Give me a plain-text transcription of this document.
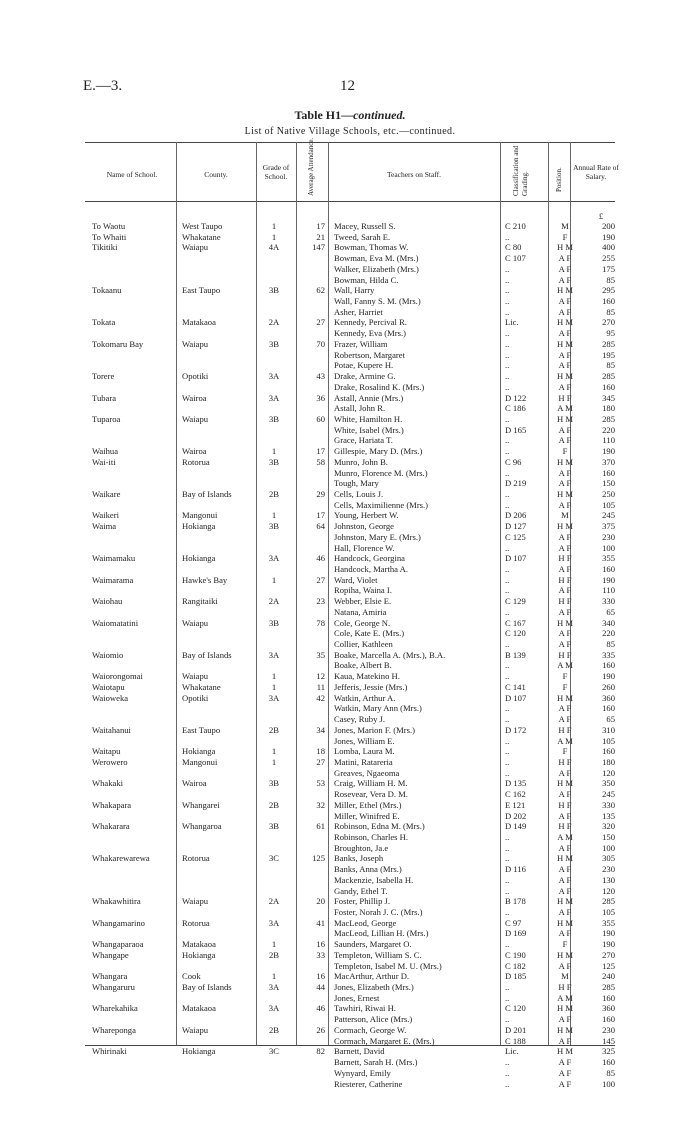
E.—3.	12
Table H1—continued.
List of Native Village Schools, etc.—continued.
Name of School.	County.
Grade of School.	Average Attendance.	Teachers on Staff.	Classification and Grading.	Position. Annual Rate of Salary.
£
To Waotu	West Taupo	1	17 Macey, Russell S.	C 210	M	200
To Whaiti	Whakatane	1	21 Tweed, Sarah E.	..	F	190
Tikitiki	Waiapu	4A	147 Bowman, Thomas W.	C 80	H M	400
Bowman, Eva M. (Mrs.)	C 107	A F	255
Walker, Elizabeth (Mrs.)	..	A F	175
Bowman, Hilda C.	..	A F	85
Tokaanu	East Taupo	3B	62 Wall, Harry	..	H M	295
Wall, Fanny S. M. (Mrs.)	..	A F	160
Asher, Harriet	..	A F	85
Tokata	Matakaoa	2A	27 Kennedy, Percival R.	Lic.	H M	270
Kennedy, Eva (Mrs.)	..	A F	95
Tokomaru Bay	Waiapu	3B	70 Frazer, William	..	H M	285
Robertson, Margaret	..	A F	195
Potae, Kupere H.	..	A F	85
Torere	Opotiki	3A	43 Drake, Armine G.	..	H M	285
Drake, Rosalind K. (Mrs.)	..	A F	160
Tubara	Wairoa	3A	36 Astall, Annie (Mrs.)	D 122	H F	345
Astall, John R.	C 186	A M	180
Tuparoa	Waiapu	3B	60 White, Hamilton H.	..	H M	285
White, Isabel (Mrs.)	D 165	A F	220
Grace, Hariata T.	..	A F	110
Waihua	Wairoa	1	17 Gillespie, Mary D. (Mrs.)	..	F	190
Wai-iti	Rotorua	3B	58 Munro, John B.	C 96	H M	370
Munro, Florence M. (Mrs.)	..	A F	160
Tough, Mary	D 219	A F	150
Waikare	Bay of Islands	2B	29 Cells, Louis J.	..	H M	250
Cells, Maximilienne (Mrs.)	..	A F	105
Waikeri	Mangonui	1	17 Young, Herbert W.	D 206	M	245
Waima	Hokianga	3B	64 Johnston, George	D 127	H M	375
Johnston, Mary E. (Mrs.)	C 125	A F	230
Hall, Florence W.	..	A F	100
Waimamaku	Hokianga	3A	46 Handcock, Georgina	D 107	H F	355
Handcock, Martha A.	..	A F	160
Waimarama	Hawke's Bay	1	27 Ward, Violet	..	H F	190
Ropiha, Waina I.	..	A F	110
Waiohau	Rangitaiki	2A	23 Webber, Elsie E.	C 129	H F	330
Natana, Amiria	..	A F	65
Waiomatatini	Waiapu	3B	78 Cole, George N.	C 167	H M	340
Cole, Kate E. (Mrs.)	C 120	A F	220
Collier, Kathleen	..	A F	85
Waiomio	Bay of Islands	3A	35 Boake, Marcella A. (Mrs.), B.A.	B 139	H F	335
Boake, Albert B.	..	A M	160
Waiorongomai	Waiapu	1	12 Kaua, Matekino H.	..	F	190
Waiotapu	Whakatane	1	11 Jefferis, Jessie (Mrs.)	C 141	F	260
Waioweka	Opotiki	3A	42 Watkin, Arthur A.	D 107	H M	360
Watkin, Mary Ann (Mrs.)	..	A F	160
Casey, Ruby J.	..	A F	65
Waitahanui	East Taupo	2B	34 Jones, Marion F. (Mrs.)	D 172	H F	310
Jones, William E.	..	A M	105
Waitapu	Hokianga	1	18 Lomba, Laura M.	..	F	160
Werowero	Mangonui	1	27 Matini, Ratareria	..	H F	180
Greaves, Ngaeoma	..	A F	120
Whakaki	Wairoa	3B	53 Craig, William H. M.	D 135	H M	350
Rosevear, Vera D. M.	C 162	A F	245
Whakapara	Whangarei	2B	32 Miller, Ethel (Mrs.)	E 121	H F	330
Miller, Winifred E.	D 202	A F	135
Whakarara	Whangaroa	3B	61 Robinson, Edna M. (Mrs.)	D 149	H F	320
Robinson, Charles H.	..	A M	150
Broughton, Ja.e	..	A F	100
Whakarewarewa	Rotorua	3C	125 Banks, Joseph	..	H M	305
Banks, Anna (Mrs.)	D 116	A F	230
Mackenzie, Isabella H.	..	A F	130
Gandy, Ethel T.	..	A F	120
Whakawhitira	Waiapu	2A	20 Foster, Phillip J.	B 178	H M	285
Foster, Norah J. C. (Mrs.)	..	A F	105
Whangamarino	Rotorua	3A	41 MacLeod, George	C 97	H M	355
MacLeod, Lillian H. (Mrs.)	D 169	A F	190
Whangaparaoa	Matakaoa	1	16 Saunders, Margaret O.	..	F	190
Whangape	Hokianga	2B	33 Templeton, William S. C.	C 190	H M	270
Templeton, Isabel M. U. (Mrs.)	C 182	A F	125
Whangara	Cook	1	16 MacArthur, Arthur D.	D 185	M	240
Whangaruru	Bay of Islands	3A	44 Jones, Elizabeth (Mrs.)	..	H F	285
Jones, Ernest	..	A M	160
Wharekahika	Matakaoa	3A	46 Tawhiri, Riwai H.	C 120	H M	360
Patterson, Alice (Mrs.)	..	A F	160
Whareponga	Waiapu	2B	26 Cormach, George W.	D 201	H M	230
Cormach, Margaret E. (Mrs.)	C 188	A F	145
Whirinaki	Hokianga	3C	82 Barnett, David	Lic.	H M	325
Barnett, Sarah H. (Mrs.)	..	A F	160
Wynyard, Emily	..	A F	85
Riesterer, Catherine	..	A F	100
